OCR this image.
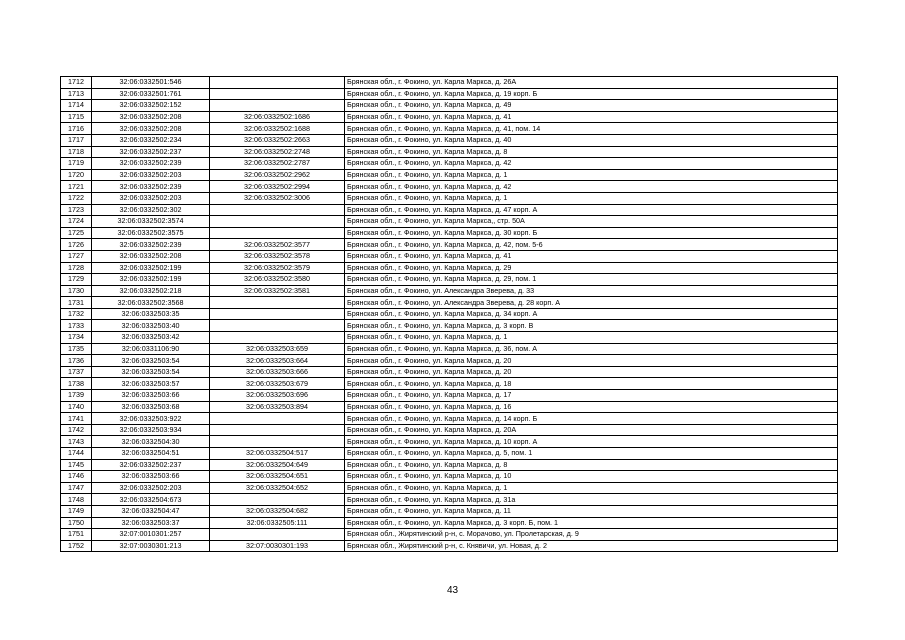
1712	32:06:0332501:546		Брянская обл., г. Фокино, ул. Карла Маркса, д. 26А
1713	32:06:0332501:761		Брянская обл., г. Фокино, ул. Карла Маркса, д. 19 корп. Б
1714	32:06:0332502:152		Брянская обл., г. Фокино, ул. Карла Маркса, д. 49
1715	32:06:0332502:208	32:06:0332502:1686	Брянская обл., г. Фокино, ул. Карла Маркса, д. 41
1716	32:06:0332502:208	32:06:0332502:1688	Брянская обл., г. Фокино, ул. Карла Маркса, д. 41, пом. 14
1717	32:06:0332502:234	32:06:0332502:2663	Брянская обл., г. Фокино, ул. Карла Маркса, д. 40
1718	32:06:0332502:237	32:06:0332502:2748	Брянская обл., г. Фокино, ул. Карла Маркса, д. 8
1719	32:06:0332502:239	32:06:0332502:2787	Брянская обл., г. Фокино, ул. Карла Маркса, д. 42
1720	32:06:0332502:203	32:06:0332502:2962	Брянская обл., г. Фокино, ул. Карла Маркса, д. 1
1721	32:06:0332502:239	32:06:0332502:2994	Брянская обл., г. Фокино, ул. Карла Маркса, д. 42
1722	32:06:0332502:203	32:06:0332502:3006	Брянская обл., г. Фокино, ул. Карла Маркса, д. 1
1723	32:06:0332502:302		Брянская обл., г. Фокино, ул. Карла Маркса, д. 47 корп. А
1724	32:06:0332502:3574		Брянская обл., г. Фокино, ул. Карла Маркса,, стр. 50А
1725	32:06:0332502:3575		Брянская обл., г. Фокино, ул. Карла Маркса, д. 30 корп. Б
1726	32:06:0332502:239	32:06:0332502:3577	Брянская обл., г. Фокино, ул. Карла Маркса, д. 42, пом. 5-6
1727	32:06:0332502:208	32:06:0332502:3578	Брянская обл., г. Фокино, ул. Карла Маркса, д. 41
1728	32:06:0332502:199	32:06:0332502:3579	Брянская обл., г. Фокино, ул. Карла Маркса, д. 29
1729	32:06:0332502:199	32:06:0332502:3580	Брянская обл., г. Фокино, ул. Карла Маркса, д. 29, пом. 1
1730	32:06:0332502:218	32:06:0332502:3581	Брянская обл., г. Фокино, ул. Александра Зверева, д. 33
1731	32:06:0332502:3568		Брянская обл., г. Фокино, ул. Александра Зверева, д. 28 корп. А
1732	32:06:0332503:35		Брянская обл., г. Фокино, ул. Карла Маркса, д. 34 корп. А
1733	32:06:0332503:40		Брянская обл., г. Фокино, ул. Карла Маркса, д. 3 корп. В
1734	32:06:0332503:42		Брянская обл., г. Фокино, ул. Карла Маркса, д. 1
1735	32:06:0331106:90	32:06:0332503:659	Брянская обл., г. Фокино, ул. Карла Маркса, д. 36, пом. А
1736	32:06:0332503:54	32:06:0332503:664	Брянская обл., г. Фокино, ул. Карла Маркса, д. 20
1737	32:06:0332503:54	32:06:0332503:666	Брянская обл., г. Фокино, ул. Карла Маркса, д. 20
1738	32:06:0332503:57	32:06:0332503:679	Брянская обл., г. Фокино, ул. Карла Маркса, д. 18
1739	32:06:0332503:66	32:06:0332503:696	Брянская обл., г. Фокино, ул. Карла Маркса, д. 17
1740	32:06:0332503:68	32:06:0332503:894	Брянская обл., г. Фокино, ул. Карла Маркса, д. 16
1741	32:06:0332503:922		Брянская обл., г. Фокино, ул. Карла Маркса, д. 14 корп. Б
1742	32:06:0332503:934		Брянская обл., г. Фокино, ул. Карла Маркса, д. 20А
1743	32:06:0332504:30		Брянская обл., г. Фокино, ул. Карла Маркса, д. 10 корп. А
1744	32:06:0332504:51	32:06:0332504:517	Брянская обл., г. Фокино, ул. Карла Маркса, д. 5, пом. 1
1745	32:06:0332502:237	32:06:0332504:649	Брянская обл., г. Фокино, ул. Карла Маркса, д. 8
1746	32:06:0332503:66	32:06:0332504:651	Брянская обл., г. Фокино, ул. Карла Маркса, д. 10
1747	32:06:0332502:203	32:06:0332504:652	Брянская обл., г. Фокино, ул. Карла Маркса, д. 1
1748	32:06:0332504:673		Брянская обл., г. Фокино, ул. Карла Маркса, д. 31а
1749	32:06:0332504:47	32:06:0332504:682	Брянская обл., г. Фокино, ул. Карла Маркса, д. 11
1750	32:06:0332503:37	32:06:0332505:111	Брянская обл., г. Фокино, ул. Карла Маркса, д. 3 корп. Б, пом. 1
1751	32:07:0010301:257		Брянская обл., Жирятинский р-н, с. Морачово, ул. Пролетарская, д. 9
1752	32:07:0030301:213	32:07:0030301:193	Брянская обл., Жирятинский р-н, с. Княвичи, ул. Новая, д. 2
43
